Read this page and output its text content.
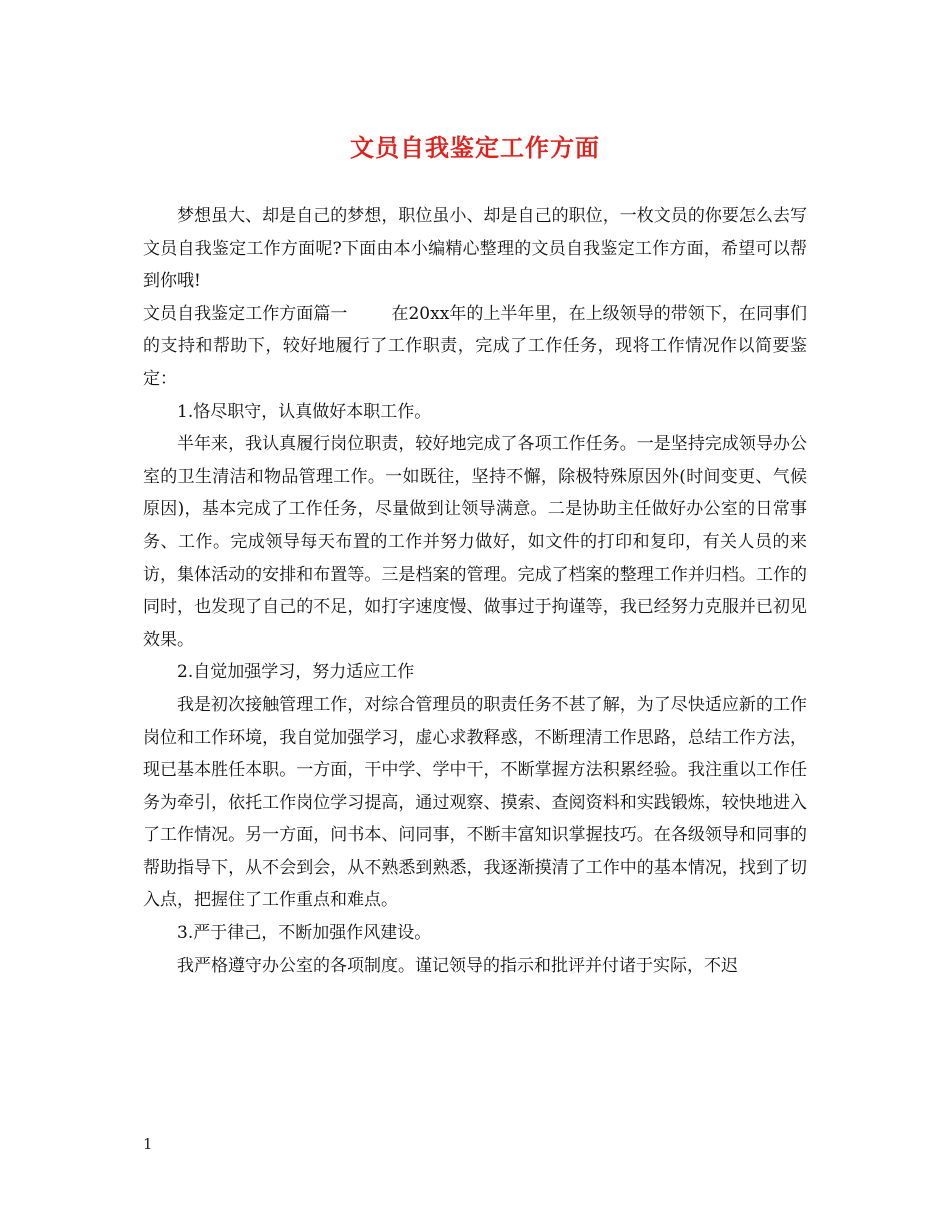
文员自我鉴定工作方面

梦想虽大、却是自己的梦想，职位虽小、却是自己的职位，一枚文员的你要怎么去写文员自我鉴定工作方面呢?下面由本小编精心整理的文员自我鉴定工作方面，希望可以帮到你哦!

文员自我鉴定工作方面篇一	在20xx年的上半年里，在上级领导的带领下，在同事们的支持和帮助下，较好地履行了工作职责，完成了工作任务，现将工作情况作以简要鉴定：

1.恪尽职守，认真做好本职工作。

半年来，我认真履行岗位职责，较好地完成了各项工作任务。一是坚持完成领导办公室的卫生清洁和物品管理工作。一如既往，坚持不懈，除极特殊原因外(时间变更、气候原因)，基本完成了工作任务，尽量做到让领导满意。二是协助主任做好办公室的日常事务、工作。完成领导每天布置的工作并努力做好，如文件的打印和复印，有关人员的来访，集体活动的安排和布置等。三是档案的管理。完成了档案的整理工作并归档。工作的同时，也发现了自己的不足，如打字速度慢、做事过于拘谨等，我已经努力克服并已初见效果。

2.自觉加强学习，努力适应工作

我是初次接触管理工作，对综合管理员的职责任务不甚了解，为了尽快适应新的工作岗位和工作环境，我自觉加强学习，虚心求教释惑，不断理清工作思路，总结工作方法，现已基本胜任本职。一方面，干中学、学中干，不断掌握方法积累经验。我注重以工作任务为牵引，依托工作岗位学习提高，通过观察、摸索、查阅资料和实践锻炼，较快地进入了工作情况。另一方面，问书本、问同事，不断丰富知识掌握技巧。在各级领导和同事的帮助指导下，从不会到会，从不熟悉到熟悉，我逐渐摸清了工作中的基本情况，找到了切入点，把握住了工作重点和难点。

3.严于律己，不断加强作风建设。

我严格遵守办公室的各项制度。谨记领导的指示和批评并付诸于实际，不迟

1
